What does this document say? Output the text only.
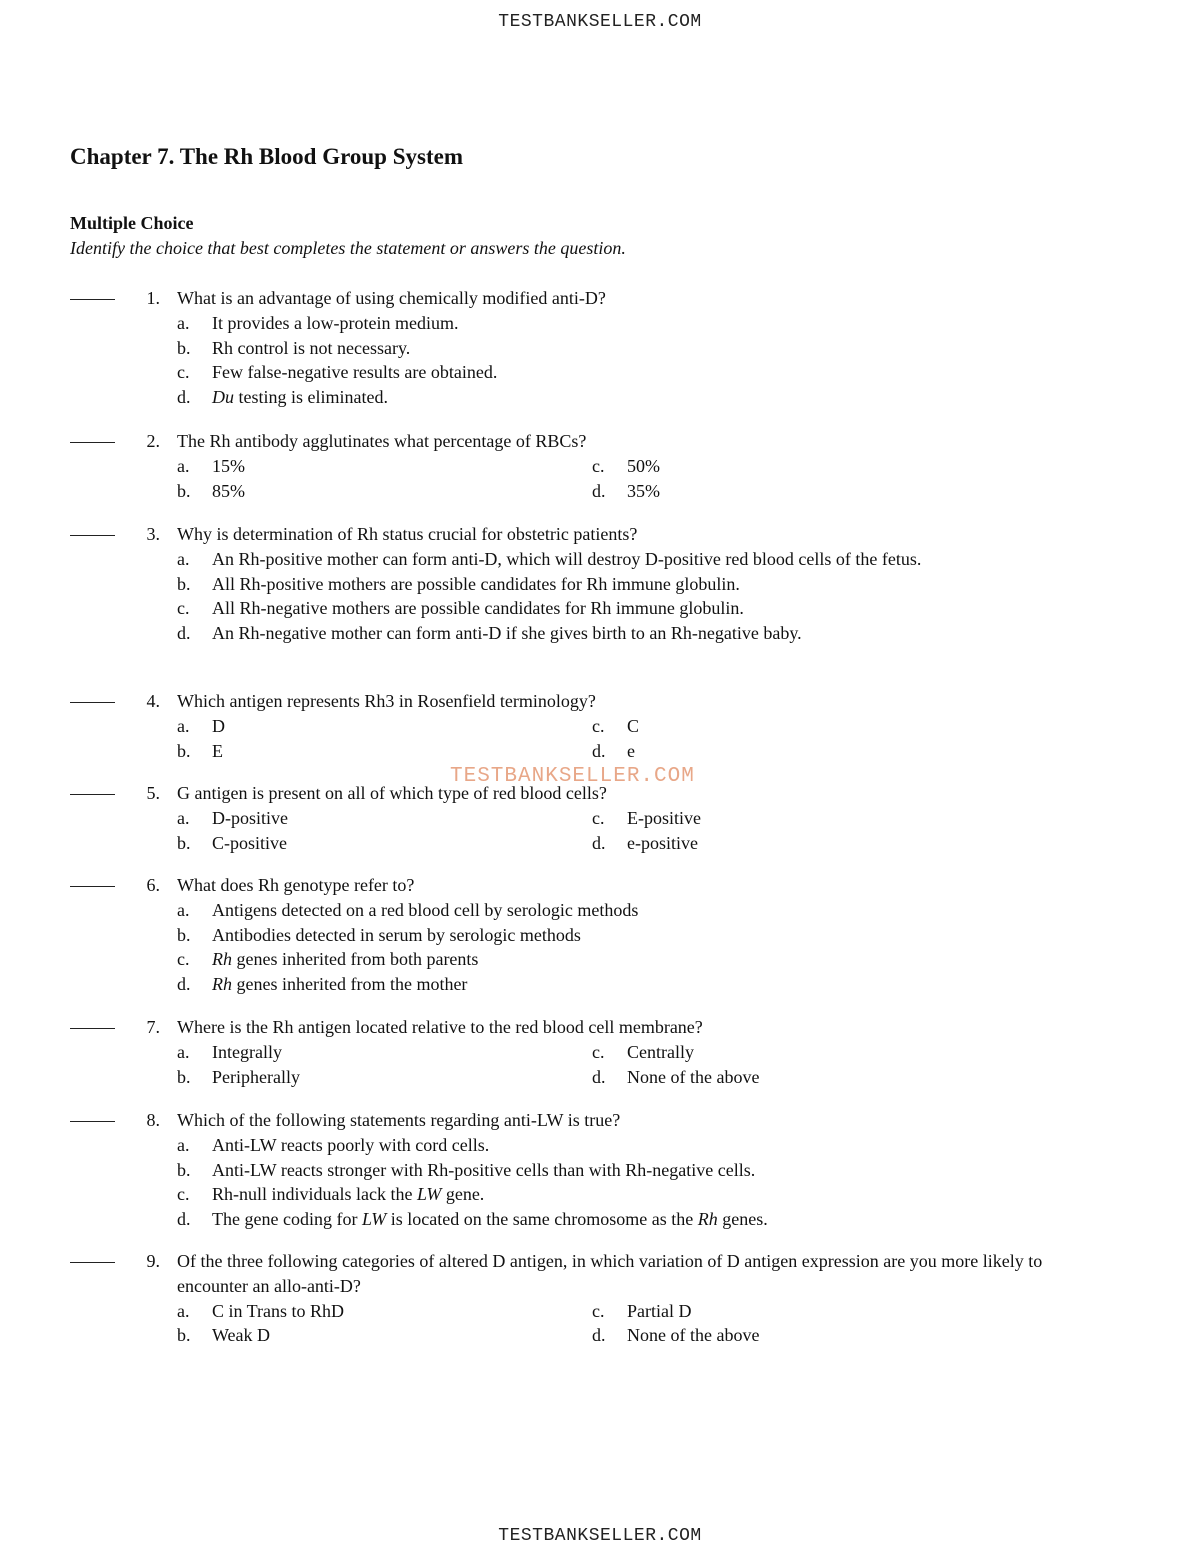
TESTBANKSELLER.COM
Chapter 7. The Rh Blood Group System
Multiple Choice
Identify the choice that best completes the statement or answers the question.
1. What is an advantage of using chemically modified anti-D?
a.	It provides a low-protein medium.
b.	Rh control is not necessary.
c.	Few false-negative results are obtained.
d.	Du testing is eliminated.
2. The Rh antibody agglutinates what percentage of RBCs?
a.	15%	c.	50%
b.	85%	d.	35%
3. Why is determination of Rh status crucial for obstetric patients?
a.	An Rh-positive mother can form anti-D, which will destroy D-positive red blood cells of the fetus.
b.	All Rh-positive mothers are possible candidates for Rh immune globulin.
c.	All Rh-negative mothers are possible candidates for Rh immune globulin.
d.	An Rh-negative mother can form anti-D if she gives birth to an Rh-negative baby.
4. Which antigen represents Rh3 in Rosenfield terminology?
a.	D	c.	C
b.	E	d.	e
5. G antigen is present on all of which type of red blood cells?
a.	D-positive	c.	E-positive
b.	C-positive	d.	e-positive
6. What does Rh genotype refer to?
a.	Antigens detected on a red blood cell by serologic methods
b.	Antibodies detected in serum by serologic methods
c.	Rh genes inherited from both parents
d.	Rh genes inherited from the mother
7. Where is the Rh antigen located relative to the red blood cell membrane?
a.	Integrally	c.	Centrally
b.	Peripherally	d.	None of the above
8. Which of the following statements regarding anti-LW is true?
a.	Anti-LW reacts poorly with cord cells.
b.	Anti-LW reacts stronger with Rh-positive cells than with Rh-negative cells.
c.	Rh-null individuals lack the LW gene.
d.	The gene coding for LW is located on the same chromosome as the Rh genes.
9. Of the three following categories of altered D antigen, in which variation of D antigen expression are you more likely to encounter an allo-anti-D?
a.	C in Trans to RhD	c.	Partial D
b.	Weak D	d.	None of the above
TESTBANKSELLER.COM
TESTBANKSELLER.COM
